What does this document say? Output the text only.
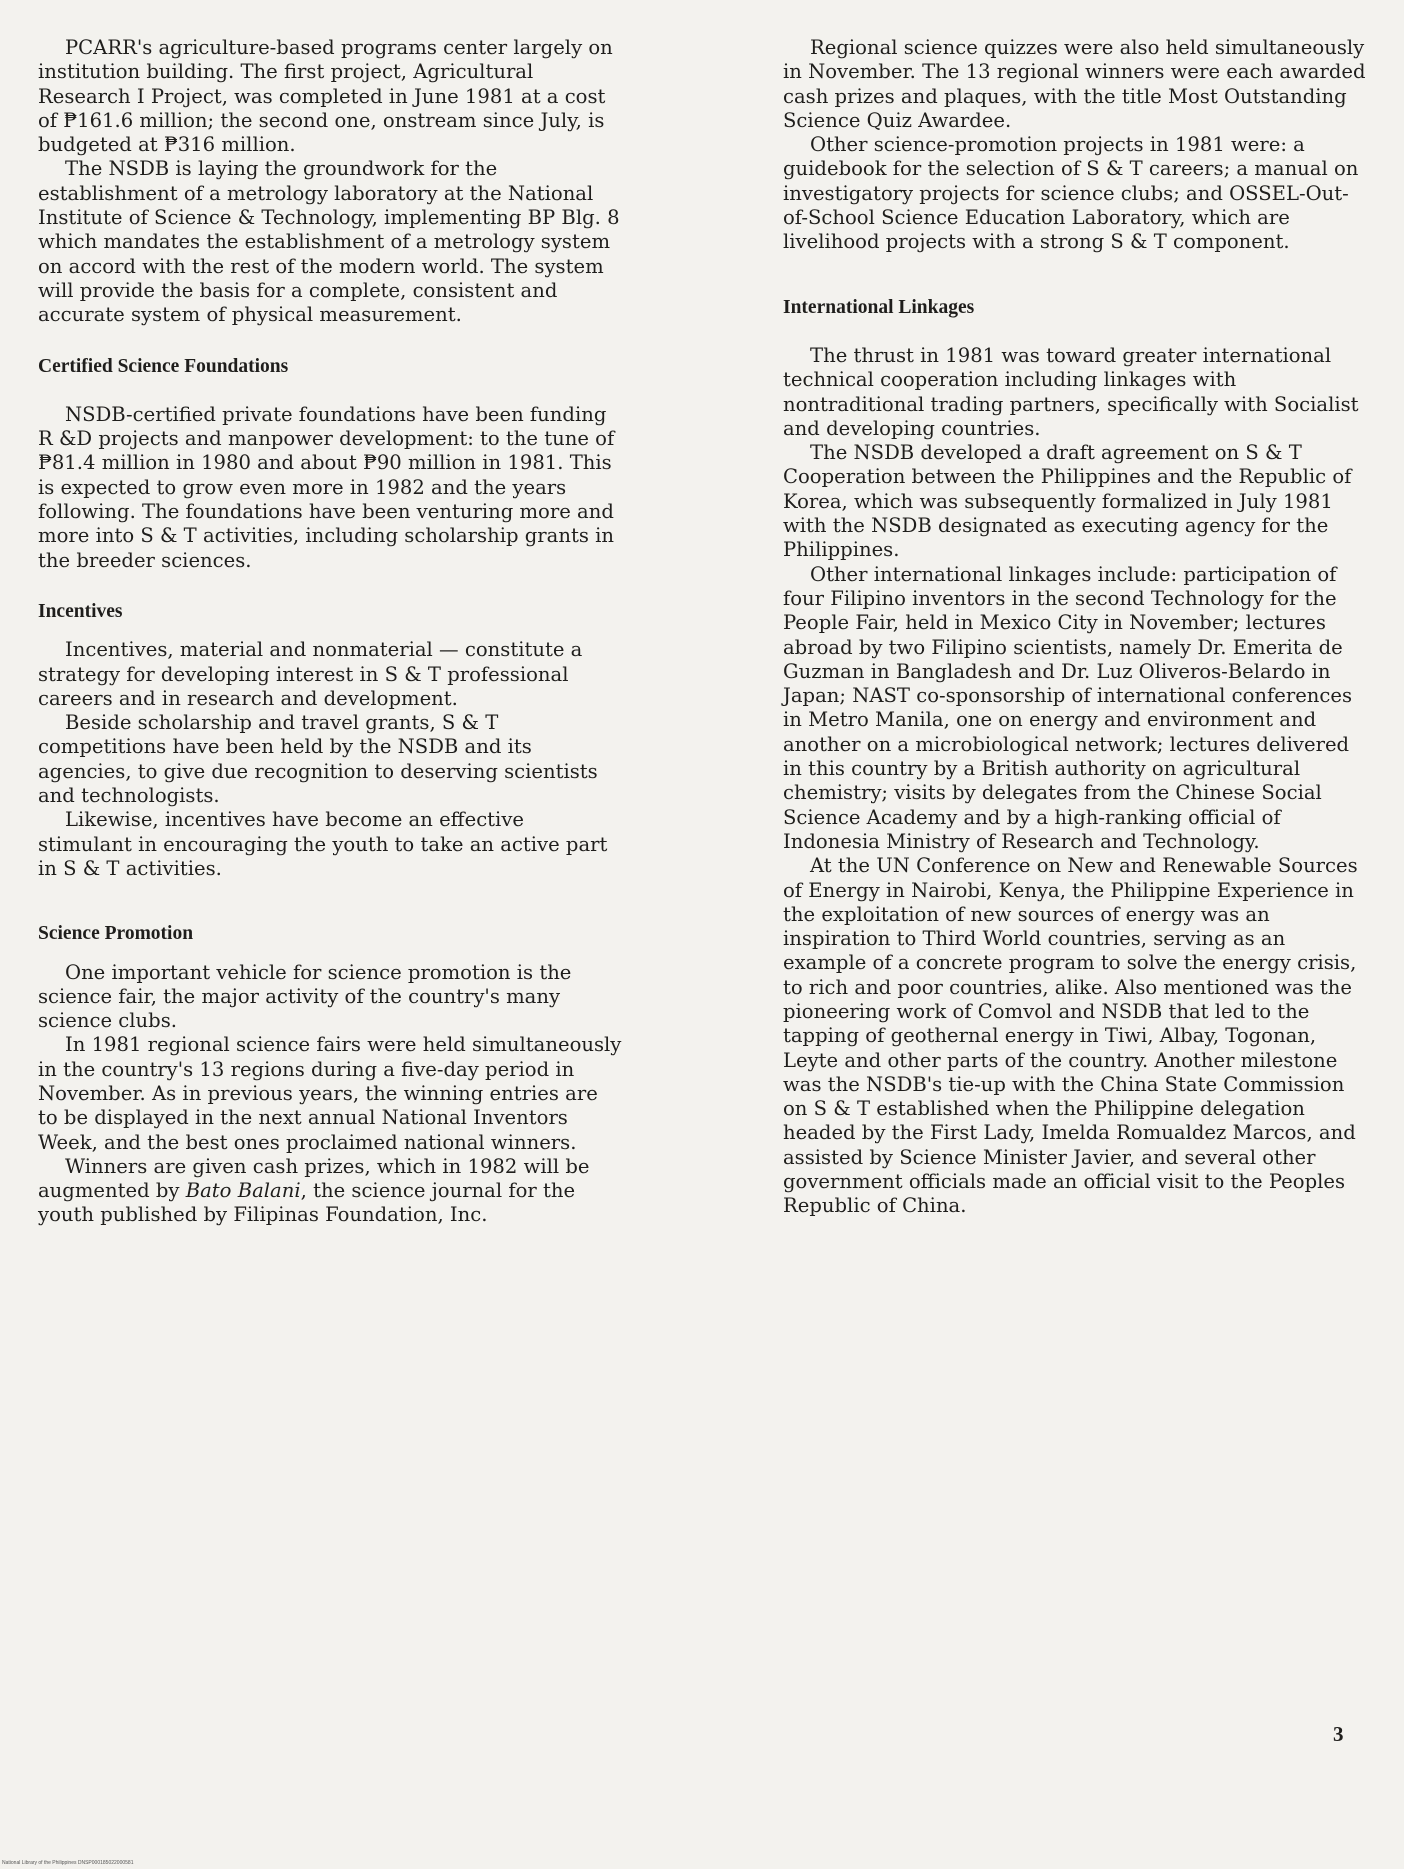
PCARR's agriculture-based programs center largely on institution building. The first project, Agricultural Research I Project, was completed in June 1981 at a cost of ₱161.6 million; the second one, onstream since July, is budgeted at ₱316 million.

The NSDB is laying the groundwork for the establishment of a metrology laboratory at the National Institute of Science & Technology, implementing BP Blg. 8 which mandates the establishment of a metrology system on accord with the rest of the modern world. The system will provide the basis for a complete, consistent and accurate system of physical measurement.

Certified Science Foundations

NSDB-certified private foundations have been funding R &D projects and manpower development: to the tune of ₱81.4 million in 1980 and about ₱90 million in 1981. This is expected to grow even more in 1982 and the years following. The foundations have been venturing more and more into S & T activities, including scholarship grants in the breeder sciences.

Incentives

Incentives, material and nonmaterial — constitute a strategy for developing interest in S & T professional careers and in research and development.

Beside scholarship and travel grants, S & T competitions have been held by the NSDB and its agencies, to give due recognition to deserving scientists and technologists.

Likewise, incentives have become an effective stimulant in encouraging the youth to take an active part in S & T activities.

Science Promotion

One important vehicle for science promotion is the science fair, the major activity of the country's many science clubs.

In 1981 regional science fairs were held simultaneously in the country's 13 regions during a five-day period in November. As in previous years, the winning entries are to be displayed in the next annual National Inventors Week, and the best ones proclaimed national winners.

Winners are given cash prizes, which in 1982 will be augmented by Bato Balani, the science journal for the youth published by Filipinas Foundation, Inc.

Regional science quizzes were also held simultaneously in November. The 13 regional winners were each awarded cash prizes and plaques, with the title Most Outstanding Science Quiz Awardee.

Other science-promotion projects in 1981 were: a guidebook for the selection of S & T careers; a manual on investigatory projects for science clubs; and OSSEL-Out-of-School Science Education Laboratory, which are livelihood projects with a strong S & T component.

International Linkages

The thrust in 1981 was toward greater international technical cooperation including linkages with nontraditional trading partners, specifically with Socialist and developing countries.

The NSDB developed a draft agreement on S & T Cooperation between the Philippines and the Republic of Korea, which was subsequently formalized in July 1981 with the NSDB designated as executing agency for the Philippines.

Other international linkages include: participation of four Filipino inventors in the second Technology for the People Fair, held in Mexico City in November; lectures abroad by two Filipino scientists, namely Dr. Emerita de Guzman in Bangladesh and Dr. Luz Oliveros-Belardo in Japan; NAST co-sponsorship of international conferences in Metro Manila, one on energy and environment and another on a microbiological network; lectures delivered in this country by a British authority on agricultural chemistry; visits by delegates from the Chinese Social Science Academy and by a high-ranking official of Indonesia Ministry of Research and Technology.

At the UN Conference on New and Renewable Sources of Energy in Nairobi, Kenya, the Philippine Experience in the exploitation of new sources of energy was an inspiration to Third World countries, serving as an example of a concrete program to solve the energy crisis, to rich and poor countries, alike. Also mentioned was the pioneering work of Comvol and NSDB that led to the tapping of geothernal energy in Tiwi, Albay, Togonan, Leyte and other parts of the country. Another milestone was the NSDB's tie-up with the China State Commission on S & T established when the Philippine delegation headed by the First Lady, Imelda Romualdez Marcos, and assisted by Science Minister Javier, and several other government officials made an official visit to the Peoples Republic of China.

3
National Library of the Philippines DNSP000185022000581
